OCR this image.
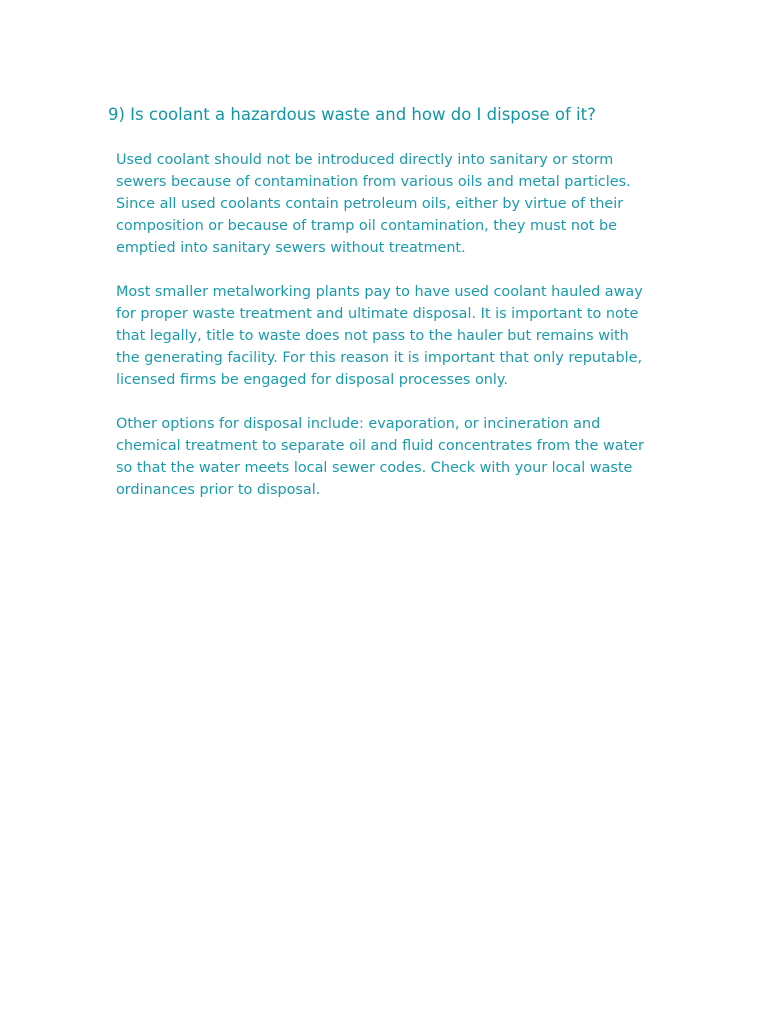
9) Is coolant a hazardous waste and how do I dispose of it?

Used coolant should not be introduced directly into sanitary or storm sewers because of contamination from various oils and metal particles. Since all used coolants contain petroleum oils, either by virtue of their composition or because of tramp oil contamination, they must not be emptied into sanitary sewers without treatment.

Most smaller metalworking plants pay to have used coolant hauled away for proper waste treatment and ultimate disposal. It is important to note that legally, title to waste does not pass to the hauler but remains with the generating facility. For this reason it is important that only reputable, licensed firms be engaged for disposal processes only.

Other options for disposal include: evaporation, or incineration and chemical treatment to separate oil and fluid concentrates from the water so that the water meets local sewer codes. Check with your local waste ordinances prior to disposal.
